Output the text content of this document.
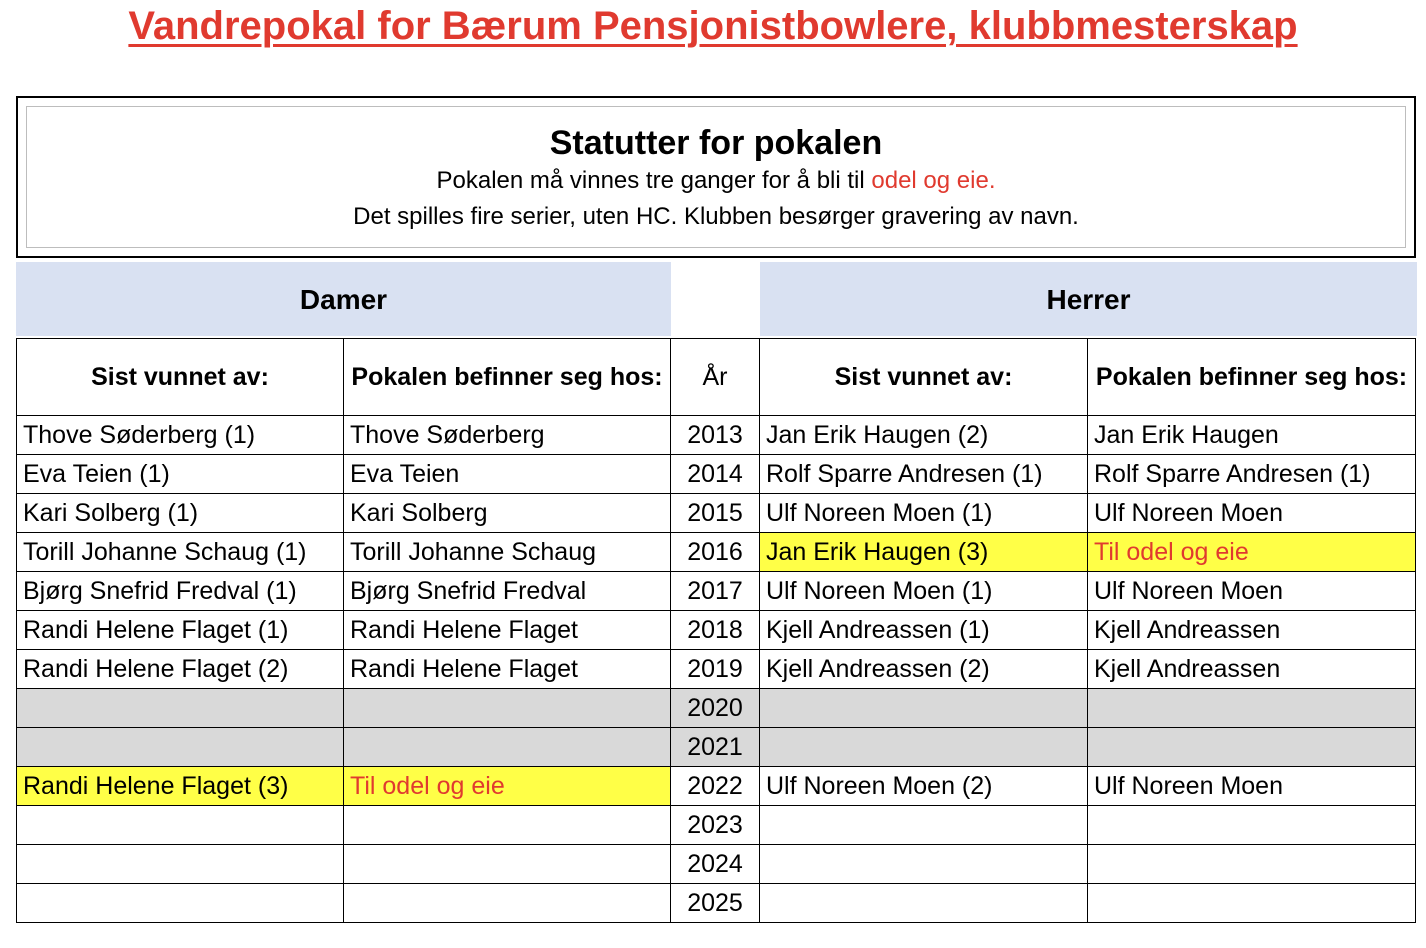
Vandrepokal for Bærum Pensjonistbowlere, klubbmesterskap
Statutter for pokalen
Pokalen må vinnes tre ganger for å bli til odel og eie.
Det spilles fire serier, uten HC. Klubben besørger gravering av navn.
Damer	Herrer
Sist vunnet av:	Pokalen befinner seg hos:	År	Sist vunnet av:	Pokalen befinner seg hos:
Thove Søderberg (1)	Thove Søderberg	2013	Jan Erik Haugen (2)	Jan Erik Haugen
Eva Teien (1)	Eva Teien	2014	Rolf Sparre Andresen (1)	Rolf Sparre Andresen (1)
Kari Solberg (1)	Kari Solberg	2015	Ulf Noreen Moen (1)	Ulf Noreen Moen
Torill Johanne Schaug (1)	Torill Johanne Schaug	2016	Jan Erik Haugen (3)	Til odel og eie
Bjørg Snefrid Fredval (1)	Bjørg Snefrid Fredval	2017	Ulf Noreen Moen (1)	Ulf Noreen Moen
Randi Helene Flaget (1)	Randi Helene Flaget	2018	Kjell Andreassen (1)	Kjell Andreassen
Randi Helene Flaget (2)	Randi Helene Flaget	2019	Kjell Andreassen (2)	Kjell Andreassen
		2020		
		2021		
Randi Helene Flaget (3)	Til odel og eie	2022	Ulf Noreen Moen (2)	Ulf Noreen Moen
		2023		
		2024		
		2025		
